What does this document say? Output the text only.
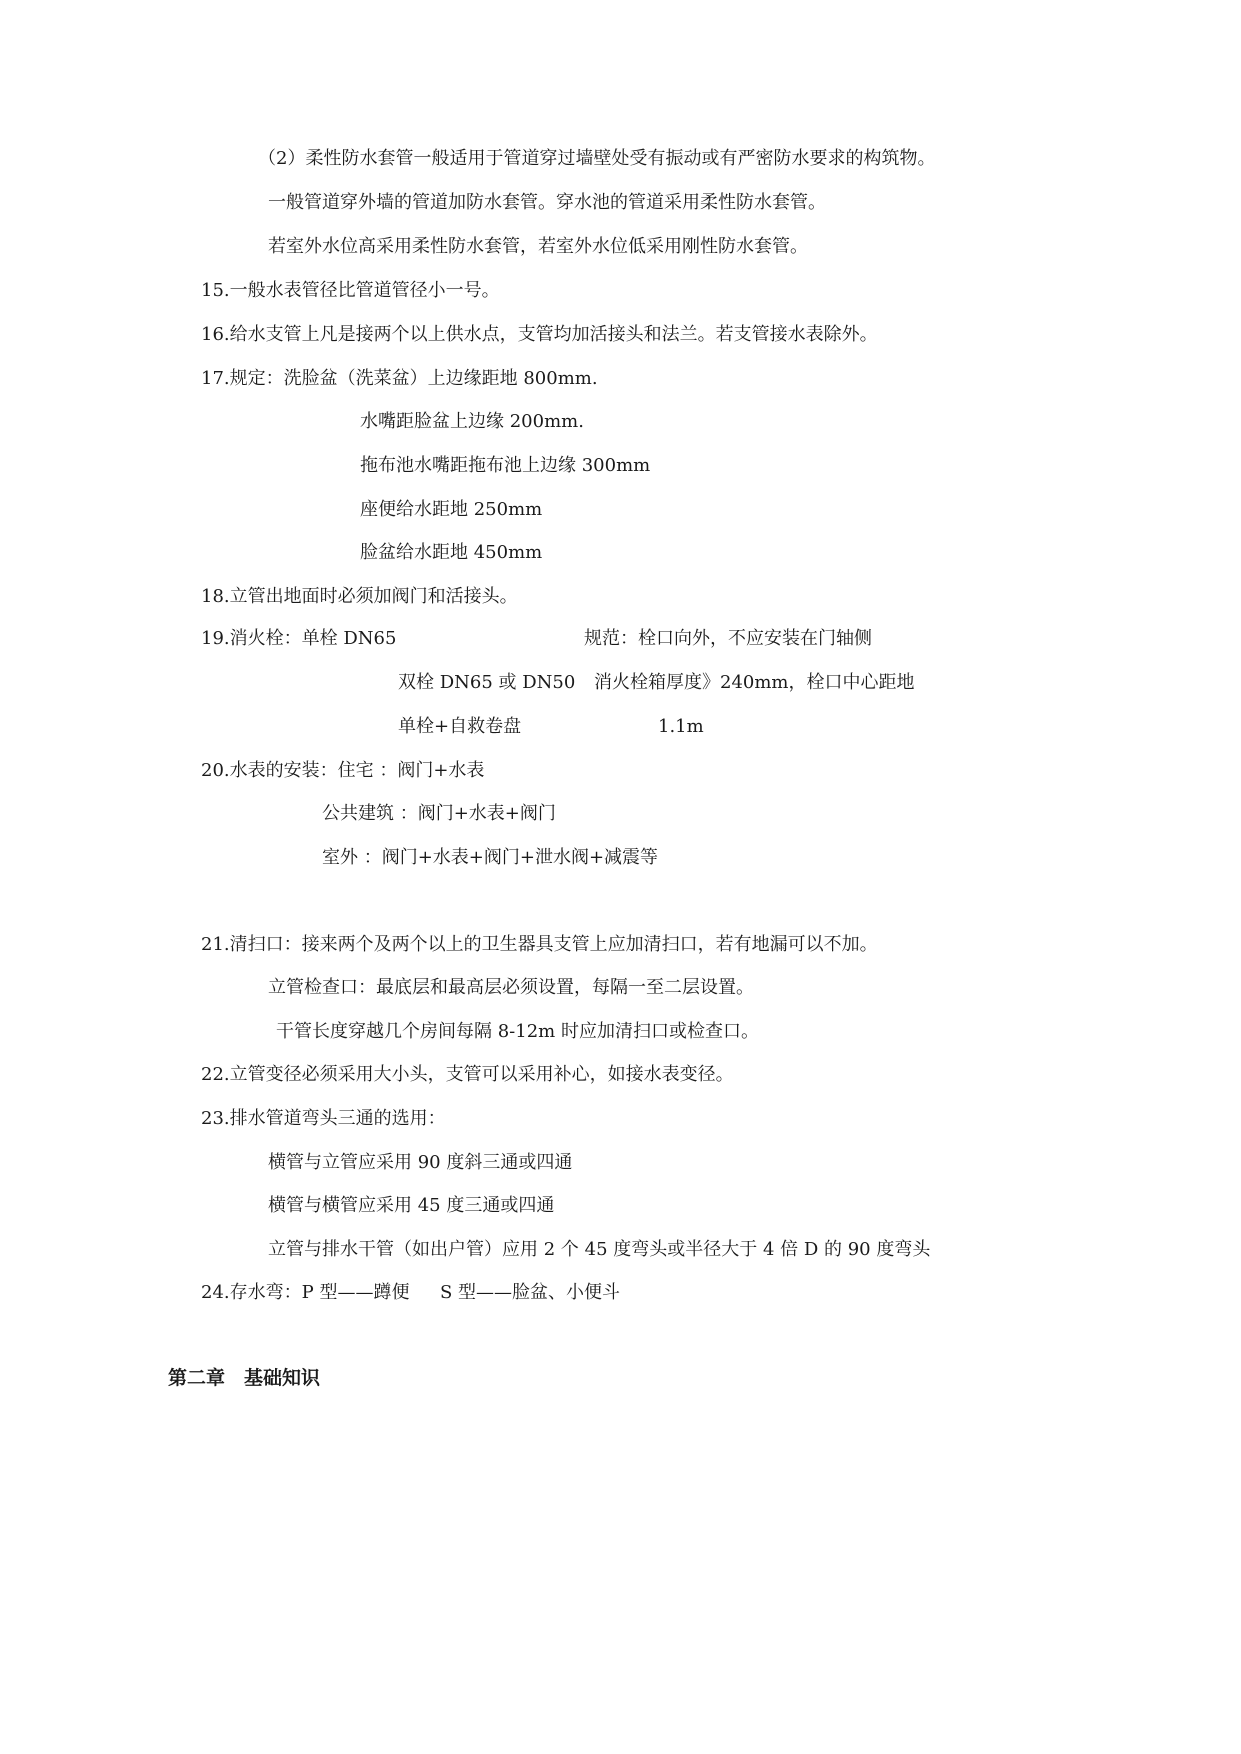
（2）柔性防水套管一般适用于管道穿过墙壁处受有振动或有严密防水要求的构筑物。
一般管道穿外墙的管道加防水套管。穿水池的管道采用柔性防水套管。
若室外水位高采用柔性防水套管，若室外水位低采用刚性防水套管。
15.一般水表管径比管道管径小一号。
16.给水支管上凡是接两个以上供水点，支管均加活接头和法兰。若支管接水表除外。
17.规定：洗脸盆（洗菜盆）上边缘距地 800mm.
水嘴距脸盆上边缘 200mm.
拖布池水嘴距拖布池上边缘 300mm
座便给水距地 250mm
脸盆给水距地 450mm
18.立管出地面时必须加阀门和活接头。
19.消火栓：单栓 DN65	规范：栓口向外，不应安装在门轴侧
双栓 DN65 或 DN50 消火栓箱厚度》240mm，栓口中心距地
单栓+自救卷盘	1.1m
20.水表的安装：住宅 ：阀门+水表
公共建筑 ：阀门+水表+阀门
室外 ：阀门+水表+阀门+泄水阀+减震等
21.清扫口：接来两个及两个以上的卫生器具支管上应加清扫口，若有地漏可以不加。
立管检查口：最底层和最高层必须设置，每隔一至二层设置。
干管长度穿越几个房间每隔 8-12m 时应加清扫口或检查口。
22.立管变径必须采用大小头，支管可以采用补心，如接水表变径。
23.排水管道弯头三通的选用：
横管与立管应采用 90 度斜三通或四通
横管与横管应采用 45 度三通或四通
立管与排水干管（如出户管）应用 2 个 45 度弯头或半径大于 4 倍 D 的 90 度弯头
24.存水弯：P 型——蹲便 S 型——脸盆、小便斗
第二章　基础知识
